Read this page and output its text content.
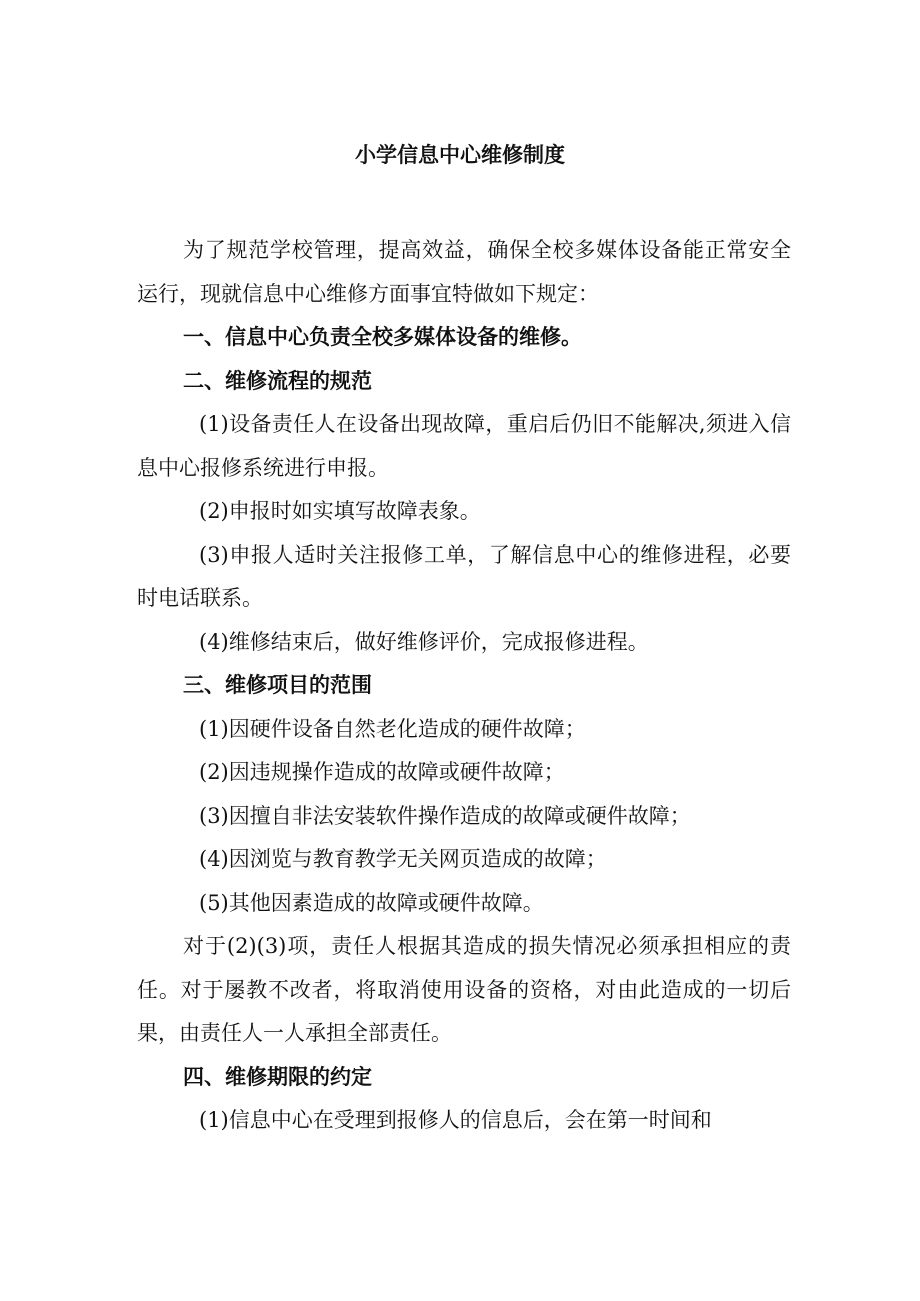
小学信息中心维修制度

为了规范学校管理，提高效益，确保全校多媒体设备能正常安全运行，现就信息中心维修方面事宜特做如下规定：

一、信息中心负责全校多媒体设备的维修。

二、维修流程的规范

(1)设备责任人在设备出现故障，重启后仍旧不能解决,须进入信息中心报修系统进行申报。

(2)申报时如实填写故障表象。

(3)申报人适时关注报修工单，了解信息中心的维修进程，必要时电话联系。

(4)维修结束后，做好维修评价，完成报修进程。

三、维修项目的范围

(1)因硬件设备自然老化造成的硬件故障；

(2)因违规操作造成的故障或硬件故障；

(3)因擅自非法安装软件操作造成的故障或硬件故障；

(4)因浏览与教育教学无关网页造成的故障；

(5)其他因素造成的故障或硬件故障。

对于(2)(3)项，责任人根据其造成的损失情况必须承担相应的责任。对于屡教不改者，将取消使用设备的资格，对由此造成的一切后果，由责任人一人承担全部责任。

四、维修期限的约定

(1)信息中心在受理到报修人的信息后，会在第一时间和
